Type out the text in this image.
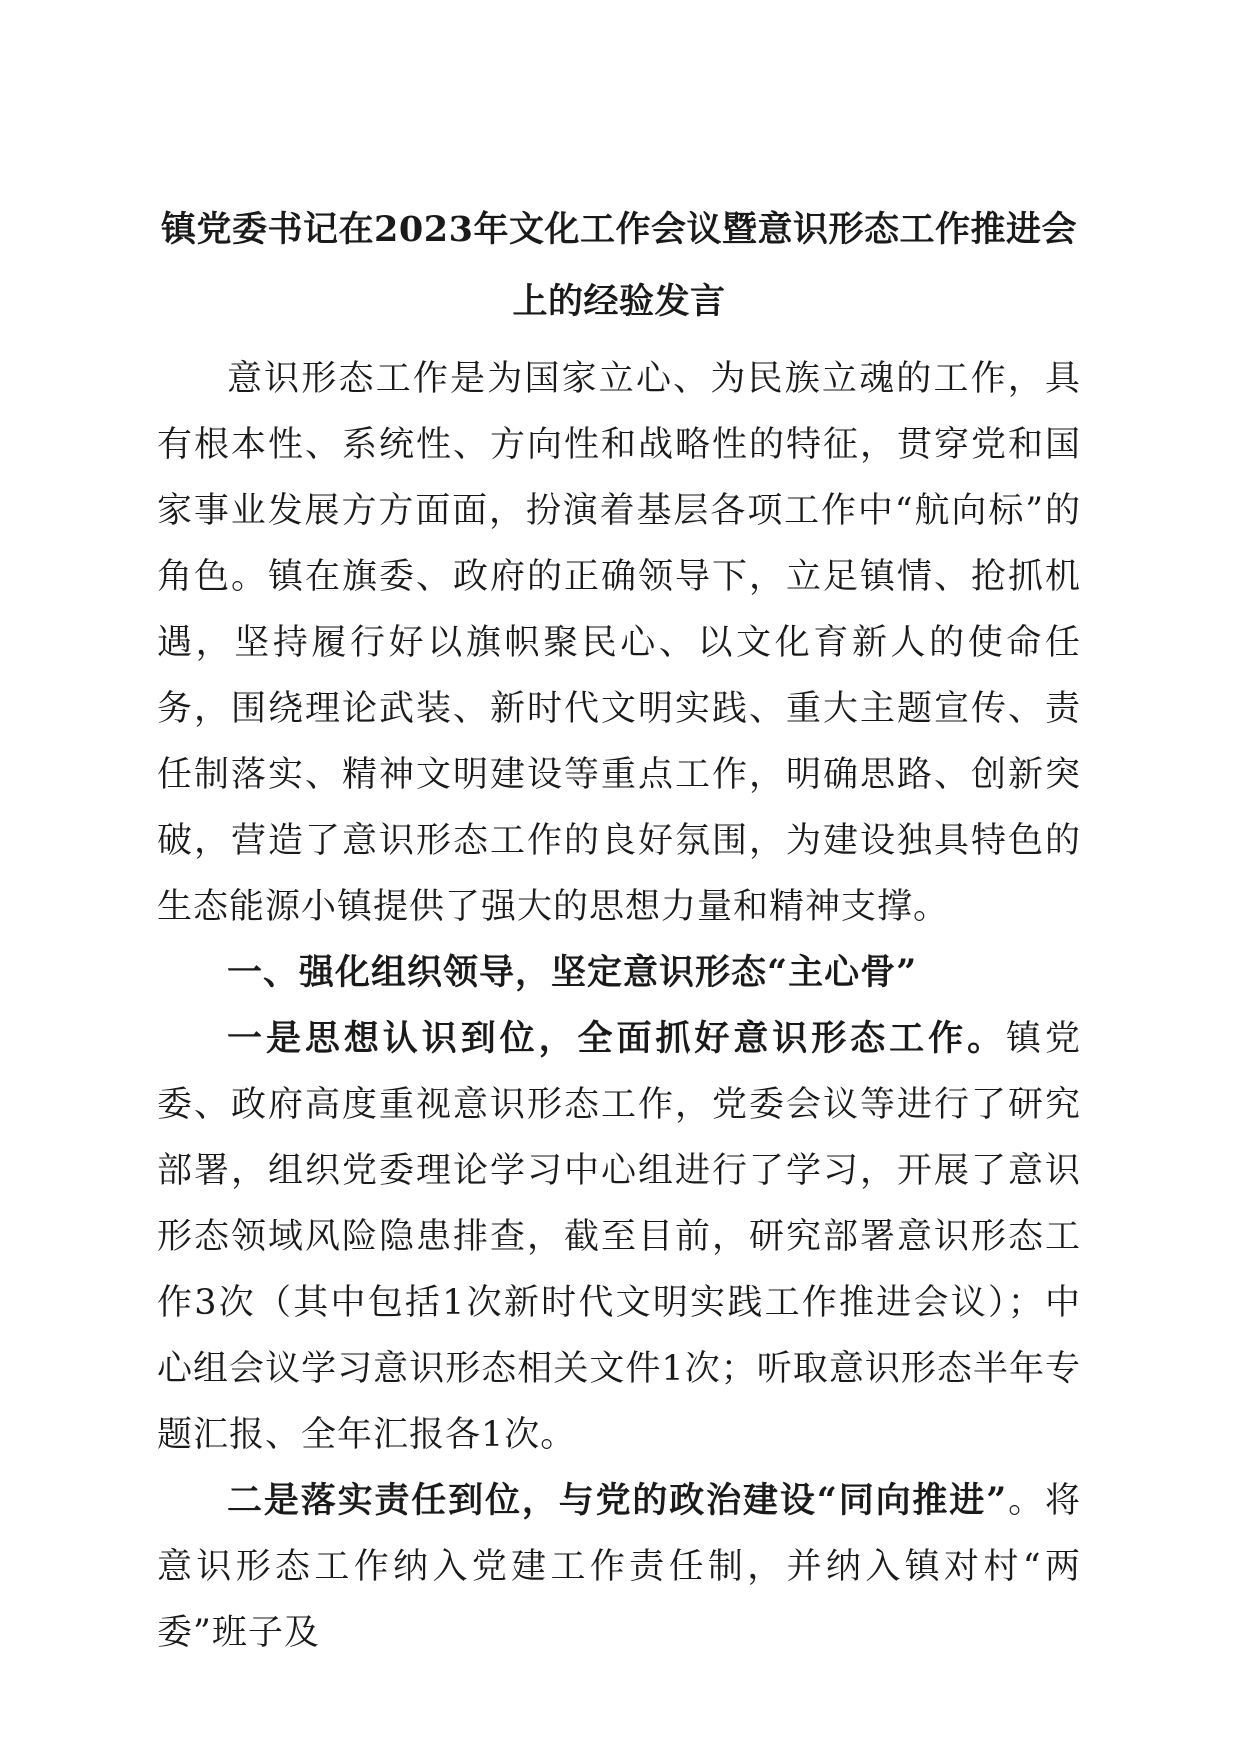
镇党委书记在2023年文化工作会议暨意识形态工作推进会上的经验发言

意识形态工作是为国家立心、为民族立魂的工作，具有根本性、系统性、方向性和战略性的特征，贯穿党和国家事业发展方方面面，扮演着基层各项工作中“航向标”的角色。镇在旗委、政府的正确领导下，立足镇情、抢抓机遇，坚持履行好以旗帜聚民心、以文化育新人的使命任务，围绕理论武装、新时代文明实践、重大主题宣传、责任制落实、精神文明建设等重点工作，明确思路、创新突破，营造了意识形态工作的良好氛围，为建设独具特色的生态能源小镇提供了强大的思想力量和精神支撑。

一、强化组织领导，坚定意识形态“主心骨”

一是思想认识到位，全面抓好意识形态工作。镇党委、政府高度重视意识形态工作，党委会议等进行了研究部署，组织党委理论学习中心组进行了学习，开展了意识形态领域风险隐患排查，截至目前，研究部署意识形态工作3次（其中包括1次新时代文明实践工作推进会议）；中心组会议学习意识形态相关文件1次；听取意识形态半年专题汇报、全年汇报各1次。

二是落实责任到位，与党的政治建设“同向推进”。将意识形态工作纳入党建工作责任制，并纳入镇对村“两委”班子及
